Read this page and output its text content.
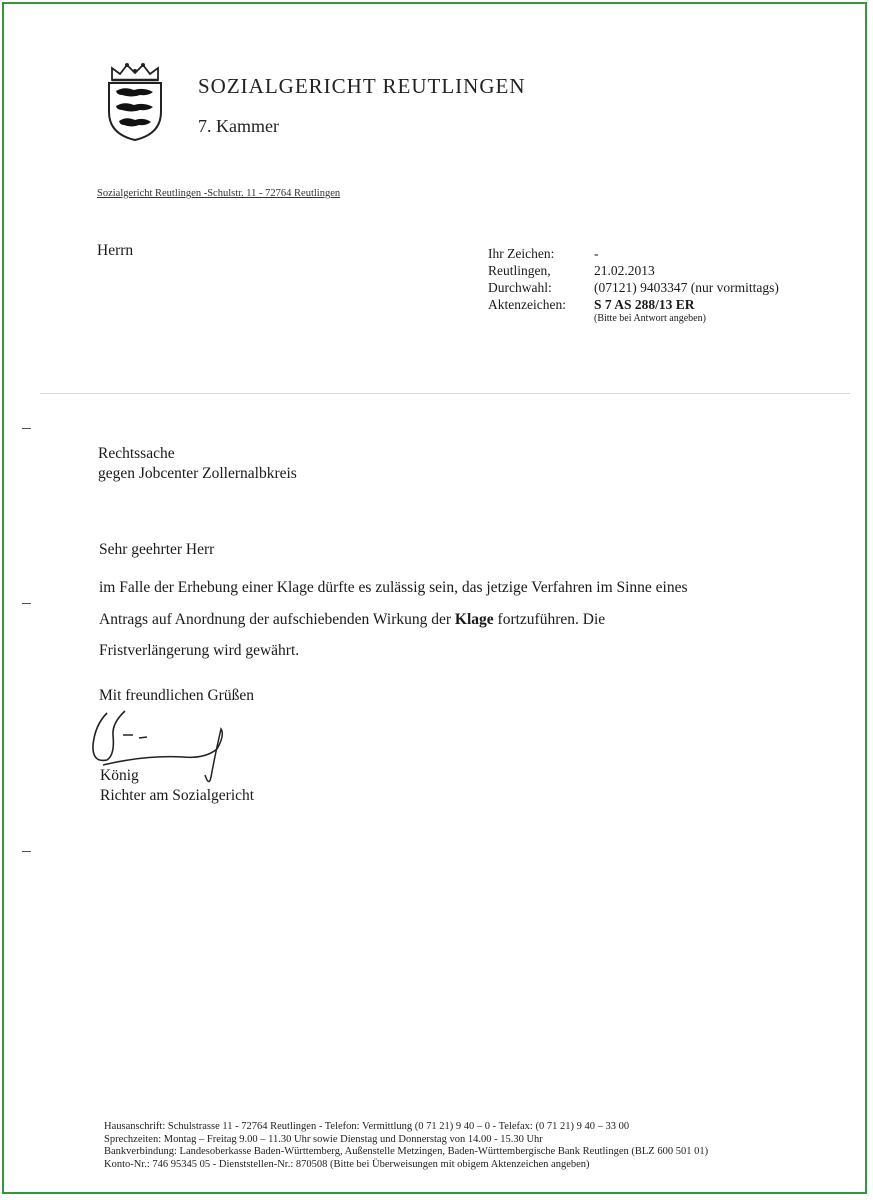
SOZIALGERICHT REUTLINGEN
7. Kammer
Sozialgericht Reutlingen -Schulstr. 11 - 72764 Reutlingen
Herrn	Ihr Zeichen:	-
Reutlingen,	21.02.2013
Durchwahl:	(07121) 9403347 (nur vormittags)
Aktenzeichen:	S 7 AS 288/13 ER
(Bitte bei Antwort angeben)
Rechtssache
gegen Jobcenter Zollernalbkreis
Sehr geehrter Herr
im Falle der Erhebung einer Klage dürfte es zulässig sein, das jetzige Verfahren im Sinne eines
Antrags auf Anordnung der aufschiebenden Wirkung der Klage fortzuführen. Die
Fristverlängerung wird gewährt.
Mit freundlichen Grüßen
König
Richter am Sozialgericht
Hausanschrift: Schulstrasse 11 - 72764 Reutlingen - Telefon: Vermittlung (0 71 21) 9 40 – 0 - Telefax: (0 71 21) 9 40 – 33 00
Sprechzeiten: Montag – Freitag 9.00 – 11.30 Uhr sowie Dienstag und Donnerstag von 14.00 - 15.30 Uhr
Bankverbindung: Landesoberkasse Baden-Württemberg, Außenstelle Metzingen, Baden-Württembergische Bank Reutlingen (BLZ 600 501 01)
Konto-Nr.: 746 95345 05 - Dienststellen-Nr.: 870508 (Bitte bei Überweisungen mit obigem Aktenzeichen angeben)
